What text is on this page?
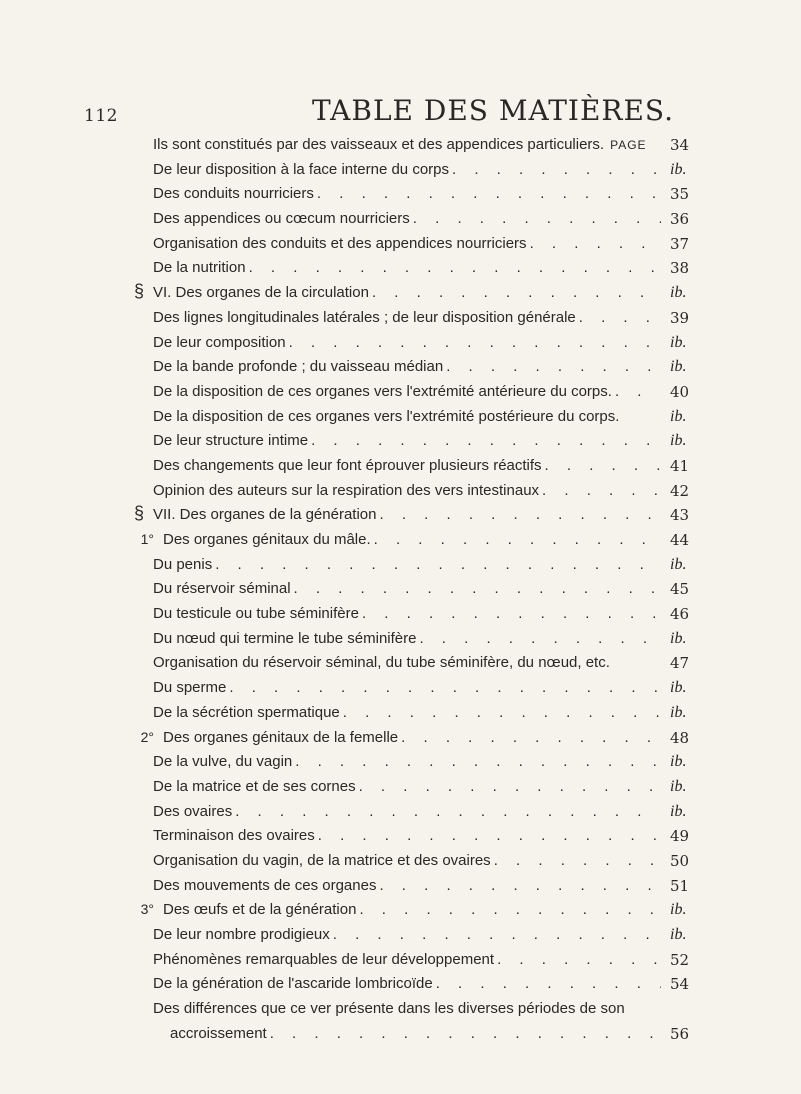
112	TABLE DES MATIÈRES.
Ils sont constitués par des vaisseaux et des appendices particuliers. PAGE 34
De leur disposition à la face interne du corps . . .	ib.
Des conduits nourriciers . . .	35
Des appendices ou cœcum nourriciers . . .	36
Organisation des conduits et des appendices nourriciers . . .	37
De la nutrition . . .	38
§ VI. Des organes de la circulation . . .	ib.
Des lignes longitudinales latérales ; de leur disposition générale . . .	39
De leur composition . . .	ib.
De la bande profonde ; du vaisseau médian . . .	ib.
De la disposition de ces organes vers l'extrémité antérieure du corps. . . .	40
De la disposition de ces organes vers l'extrémité postérieure du corps.	ib.
De leur structure intime . . .	ib.
Des changements que leur font éprouver plusieurs réactifs . . .	41
Opinion des auteurs sur la respiration des vers intestinaux . . .	42
§ VII. Des organes de la génération . . .	43
1° Des organes génitaux du mâle. . . .	44
Du penis . . .	ib.
Du réservoir séminal . . .	45
Du testicule ou tube séminifère . . .	46
Du nœud qui termine le tube séminifère . . .	ib.
Organisation du réservoir séminal, du tube séminifère, du nœud, etc.	47
Du sperme . . .	ib.
De la sécrétion spermatique . . .	ib.
2° Des organes génitaux de la femelle . . .	48
De la vulve, du vagin . . .	ib.
De la matrice et de ses cornes . . .	ib.
Des ovaires . . .	ib.
Terminaison des ovaires . . .	49
Organisation du vagin, de la matrice et des ovaires . . .	50
Des mouvements de ces organes . . .	51
3° Des œufs et de la génération . . .	ib.
De leur nombre prodigieux . . .	ib.
Phénomènes remarquables de leur développement . . .	52
De la génération de l'ascaride lombricoïde . . .	54
Des différences que ce ver présente dans les diverses périodes de son
accroissement . . .	56
